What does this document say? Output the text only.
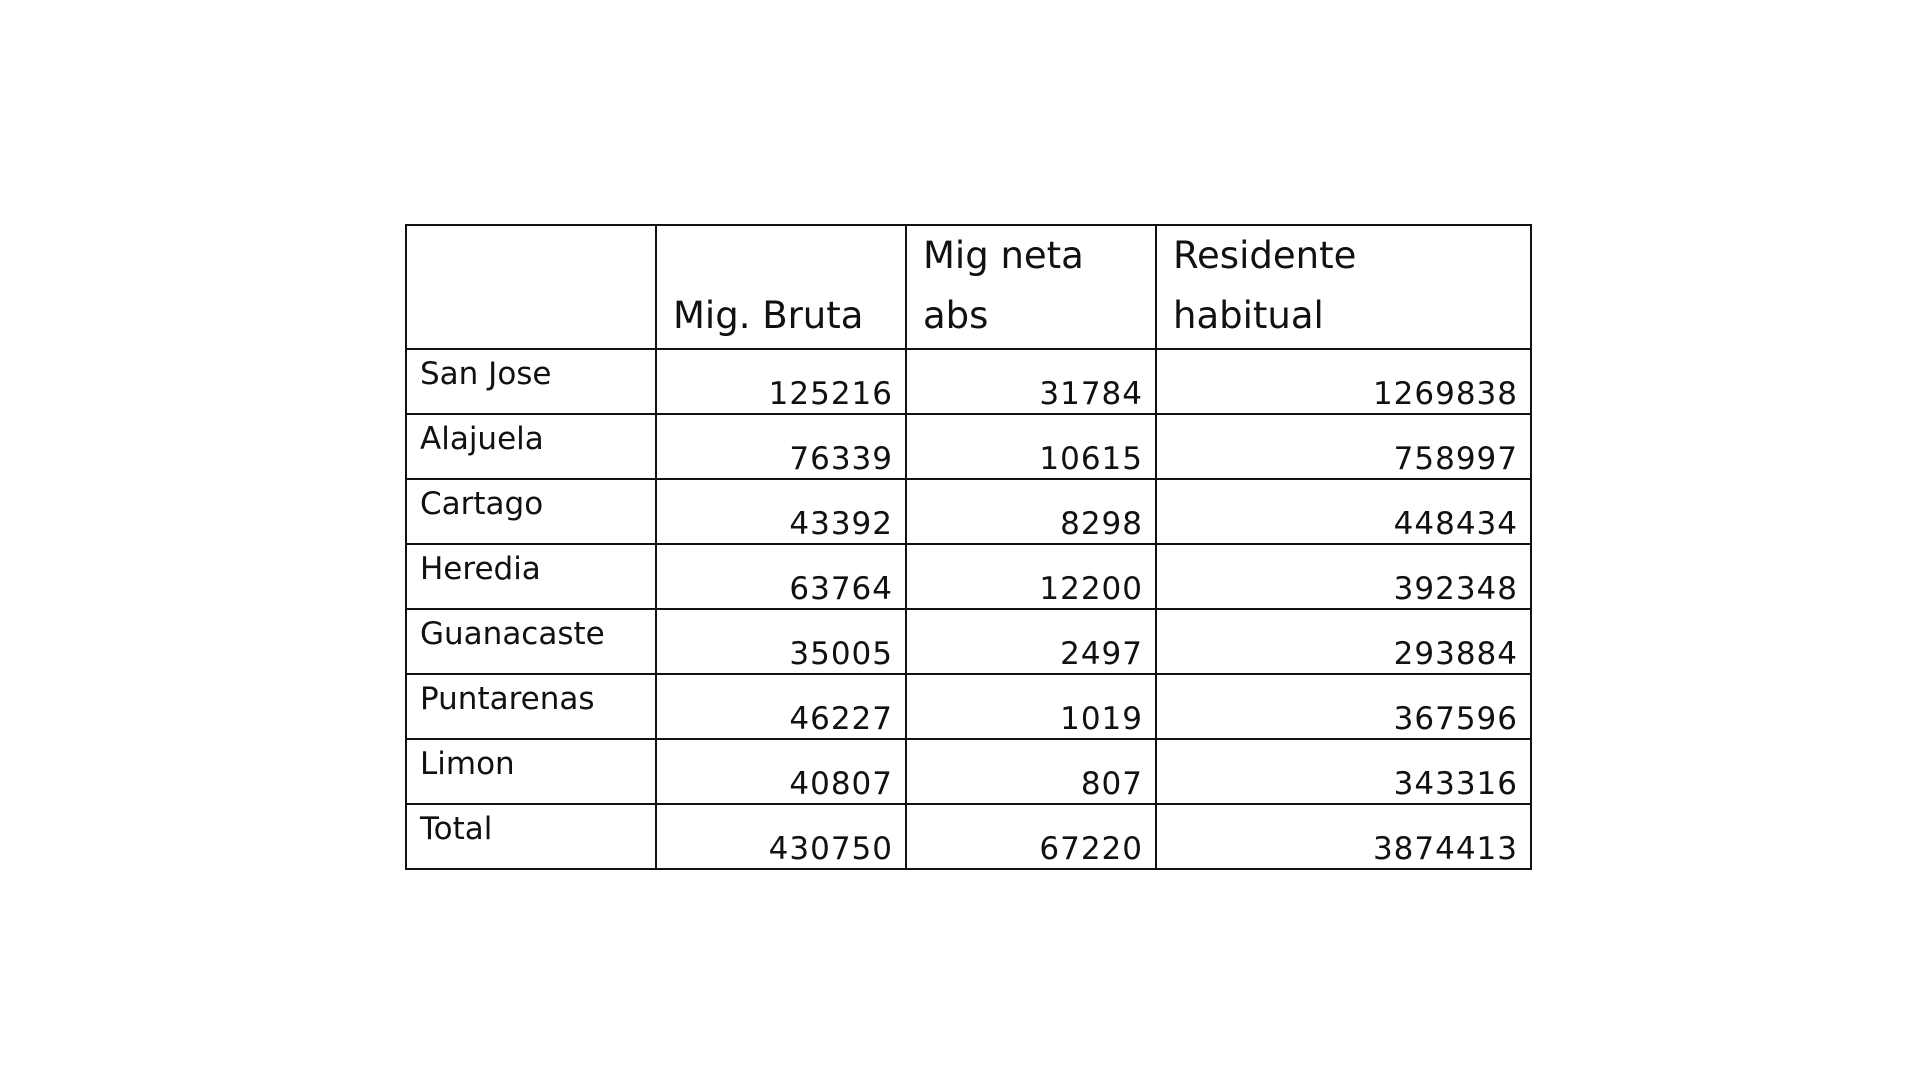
	Mig. Bruta	Mig neta abs	Residente habitual
San Jose	125216	31784	1269838
Alajuela	76339	10615	758997
Cartago	43392	8298	448434
Heredia	63764	12200	392348
Guanacaste	35005	2497	293884
Puntarenas	46227	1019	367596
Limon	40807	807	343316
Total	430750	67220	3874413
